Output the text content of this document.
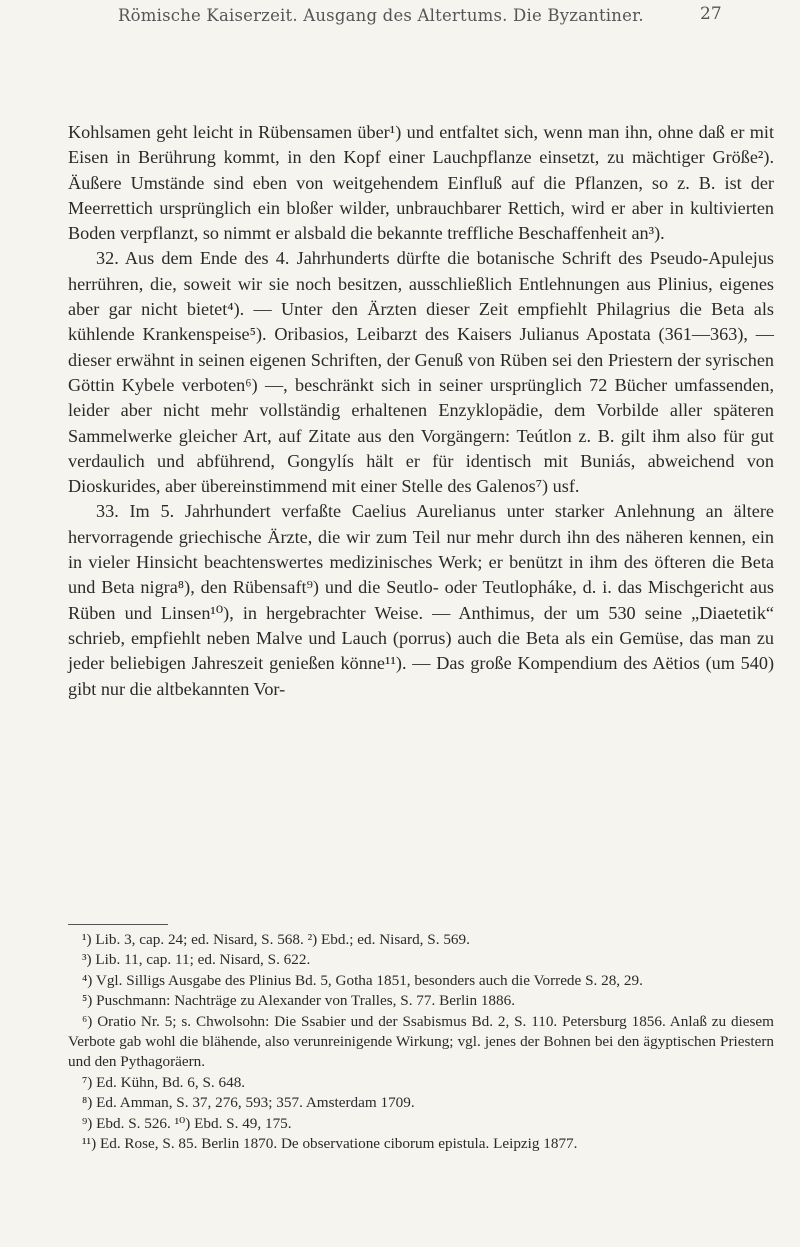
Römische Kaiserzeit. Ausgang des Altertums. Die Byzantiner.	27

Kohlsamen geht leicht in Rübensamen über¹) und entfaltet sich, wenn man ihn, ohne daß er mit Eisen in Berührung kommt, in den Kopf einer Lauchpflanze einsetzt, zu mächtiger Größe²). Äußere Umstände sind eben von weitgehendem Einfluß auf die Pflanzen, so z. B. ist der Meerrettich ursprünglich ein bloßer wilder, unbrauchbarer Rettich, wird er aber in kultivierten Boden verpflanzt, so nimmt er alsbald die bekannte treffliche Beschaffenheit an³).

32. Aus dem Ende des 4. Jahrhunderts dürfte die botanische Schrift des Pseudo-Apulejus herrühren, die, soweit wir sie noch besitzen, ausschließlich Entlehnungen aus Plinius, eigenes aber gar nicht bietet⁴). — Unter den Ärzten dieser Zeit empfiehlt Philagrius die Beta als kühlende Krankenspeise⁵). Oribasios, Leibarzt des Kaisers Julianus Apostata (361—363), — dieser erwähnt in seinen eigenen Schriften, der Genuß von Rüben sei den Priestern der syrischen Göttin Kybele verboten⁶) —, beschränkt sich in seiner ursprünglich 72 Bücher umfassenden, leider aber nicht mehr vollständig erhaltenen Enzyklopädie, dem Vorbilde aller späteren Sammelwerke gleicher Art, auf Zitate aus den Vorgängern: Teútlon z. B. gilt ihm also für gut verdaulich und abführend, Gongylís hält er für identisch mit Buniás, abweichend von Dioskurides, aber übereinstimmend mit einer Stelle des Galenos⁷) usf.

33. Im 5. Jahrhundert verfaßte Caelius Aurelianus unter starker Anlehnung an ältere hervorragende griechische Ärzte, die wir zum Teil nur mehr durch ihn des näheren kennen, ein in vieler Hinsicht beachtenswertes medizinisches Werk; er benützt in ihm des öfteren die Beta und Beta nigra⁸), den Rübensaft⁹) und die Seutlo- oder Teutlopháke, d. i. das Mischgericht aus Rüben und Linsen¹⁰), in hergebrachter Weise. — Anthimus, der um 530 seine „Diaetetik“ schrieb, empfiehlt neben Malve und Lauch (porrus) auch die Beta als ein Gemüse, das man zu jeder beliebigen Jahreszeit genießen könne¹¹). — Das große Kompendium des Aëtios (um 540) gibt nur die altbekannten Vor-

¹) Lib. 3, cap. 24; ed. Nisard, S. 568. ²) Ebd.; ed. Nisard, S. 569.

³) Lib. 11, cap. 11; ed. Nisard, S. 622.

⁴) Vgl. Silligs Ausgabe des Plinius Bd. 5, Gotha 1851, besonders auch die Vorrede S. 28, 29.

⁵) Puschmann: Nachträge zu Alexander von Tralles, S. 77. Berlin 1886.

⁶) Oratio Nr. 5; s. Chwolsohn: Die Ssabier und der Ssabismus Bd. 2, S. 110. Petersburg 1856. Anlaß zu diesem Verbote gab wohl die blähende, also verunreinigende Wirkung; vgl. jenes der Bohnen bei den ägyptischen Priestern und den Pythagoräern.

⁷) Ed. Kühn, Bd. 6, S. 648.

⁸) Ed. Amman, S. 37, 276, 593; 357. Amsterdam 1709.

⁹) Ebd. S. 526. ¹⁰) Ebd. S. 49, 175.

¹¹) Ed. Rose, S. 85. Berlin 1870. De observatione ciborum epistula. Leipzig 1877.
